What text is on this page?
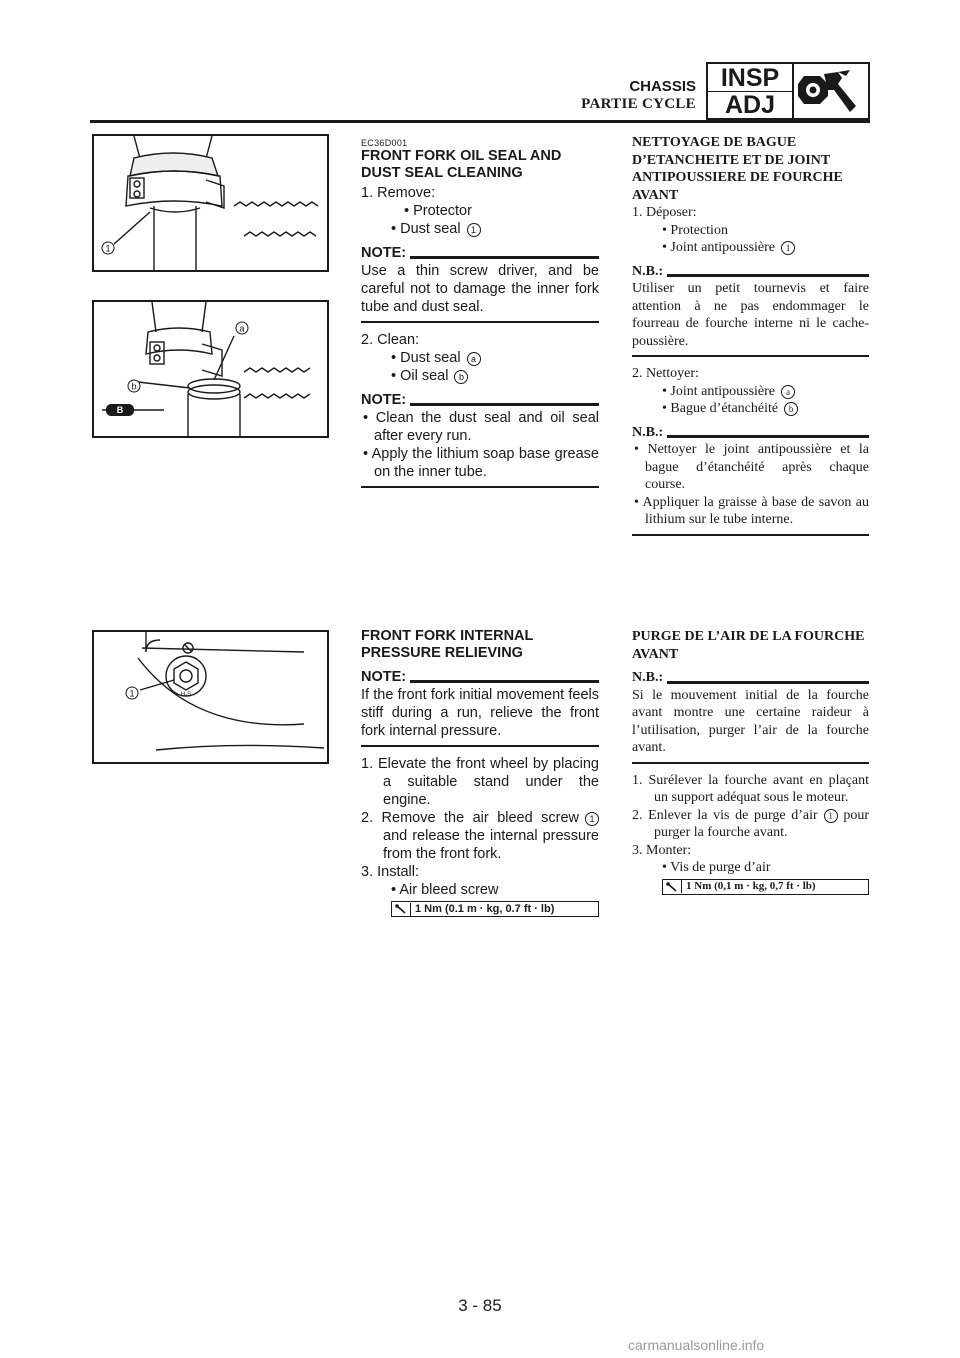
CHASSIS
PARTIE CYCLE
INSP
ADJ
1
a
b
B
H-S
1
EC36D001
FRONT FORK OIL SEAL AND DUST SEAL CLEANING
1. Remove:
• Protector
• Dust seal 1
NOTE:
Use a thin screw driver, and be careful not to damage the inner fork tube and dust seal.
2. Clean:
• Dust seal a
• Oil seal b
NOTE:
• Clean the dust seal and oil seal after every run.
• Apply the lithium soap base grease on the inner tube.
NETTOYAGE DE BAGUE D’ETANCHEITE ET DE JOINT ANTIPOUSSIERE DE FOURCHE AVANT
1. Déposer:
• Protection
• Joint antipoussière 1
N.B.:
Utiliser un petit tournevis et faire attention à ne pas endommager le fourreau de fourche interne ni le cache-poussière.
2. Nettoyer:
• Joint antipoussière a
• Bague d’étanchéité b
N.B.:
• Nettoyer le joint antipoussière et la bague d’étanchéité après chaque course.
• Appliquer la graisse à base de savon au lithium sur le tube interne.
FRONT FORK INTERNAL PRESSURE RELIEVING
NOTE:
If the front fork initial movement feels stiff during a run, relieve the front fork internal pressure.
1. Elevate the front wheel by placing a suitable stand under the engine.
2. Remove the air bleed screw 1 and release the internal pressure from the front fork.
3. Install:
• Air bleed screw
1 Nm (0.1 m · kg, 0.7 ft · lb)
PURGE DE L’AIR DE LA FOURCHE AVANT
N.B.:
Si le mouvement initial de la fourche avant montre une certaine raideur à l’utilisation, purger l’air de la fourche avant.
1. Surélever la fourche avant en plaçant un support adéquat sous le moteur.
2. Enlever la vis de purge d’air 1 pour purger la fourche avant.
3. Monter:
• Vis de purge d’air
1 Nm (0,1 m · kg, 0,7 ft · lb)
3 - 85
carmanualsonline.info
